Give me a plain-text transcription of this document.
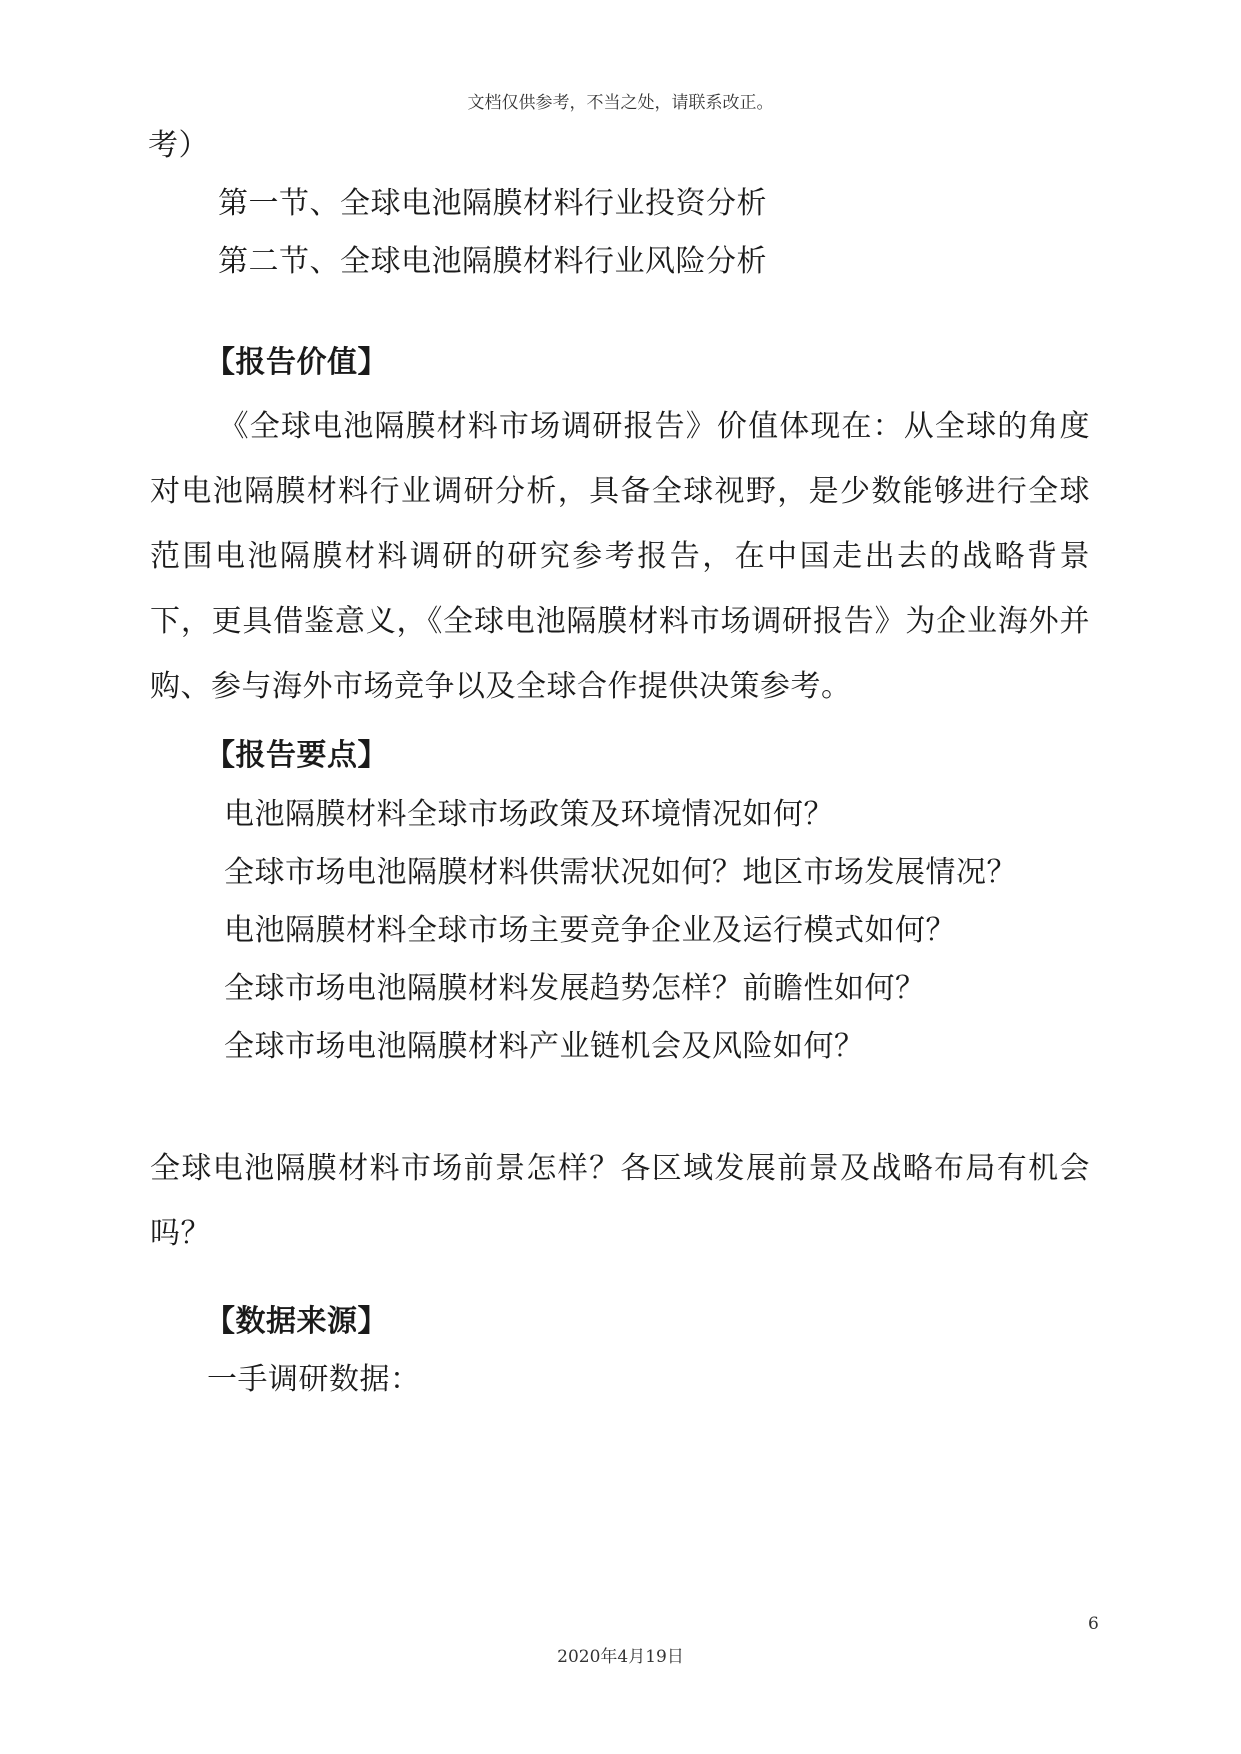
文档仅供参考，不当之处，请联系改正。
考）
第一节、全球电池隔膜材料行业投资分析
第二节、全球电池隔膜材料行业风险分析
【报告价值】
《全球电池隔膜材料市场调研报告》价值体现在：从全球的角度对电池隔膜材料行业调研分析，具备全球视野，是少数能够进行全球范围电池隔膜材料调研的研究参考报告，在中国走出去的战略背景下，更具借鉴意义，《全球电池隔膜材料市场调研报告》为企业海外并购、参与海外市场竞争以及全球合作提供决策参考。
【报告要点】
电池隔膜材料全球市场政策及环境情况如何？
全球市场电池隔膜材料供需状况如何？地区市场发展情况？
电池隔膜材料全球市场主要竞争企业及运行模式如何？
全球市场电池隔膜材料发展趋势怎样？前瞻性如何？
全球市场电池隔膜材料产业链机会及风险如何？
全球电池隔膜材料市场前景怎样？各区域发展前景及战略布局有机会吗？
【数据来源】
一手调研数据：
6
2020年4月19日
